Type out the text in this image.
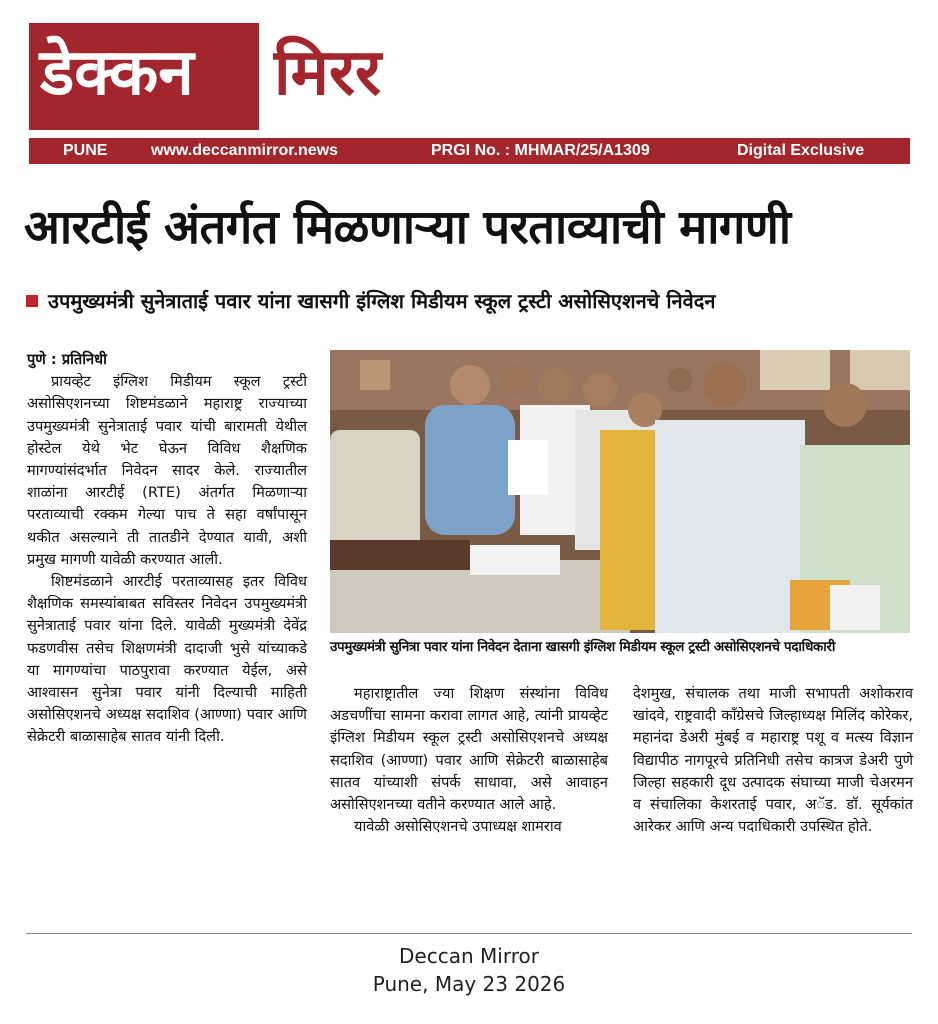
डेक्कन मिरर
PUNE	www.deccanmirror.news	PRGI No. : MHMAR/25/A1309	Digital Exclusive
आरटीई अंतर्गत मिळणाऱ्या परताव्याची मागणी
उपमुख्यमंत्री सुनेत्राताई पवार यांना खासगी इंग्लिश मिडीयम स्कूल ट्रस्टी असोसिएशनचे निवेदन

पुणे : प्रतिनिधी

प्रायव्हेट इंग्लिश मिडीयम स्कूल ट्रस्टी असोसिएशनच्या शिष्टमंडळाने महाराष्ट्र राज्याच्या उपमुख्यमंत्री सुनेत्राताई पवार यांची बारामती येथील होस्टेल येथे भेट घेऊन विविध शैक्षणिक मागण्यांसंदर्भात निवेदन सादर केले. राज्यातील शाळांना आरटीई (RTE) अंतर्गत मिळणाऱ्या परताव्याची रक्कम गेल्या पाच ते सहा वर्षांपासून थकीत असल्याने ती तातडीने देण्यात यावी, अशी प्रमुख मागणी यावेळी करण्यात आली.

शिष्टमंडळाने आरटीई परताव्यासह इतर विविध शैक्षणिक समस्यांबाबत सविस्तर निवेदन उपमुख्यमंत्री सुनेत्राताई पवार यांना दिले. यावेळी मुख्यमंत्री देवेंद्र फडणवीस तसेच शिक्षणमंत्री दादाजी भुसे यांच्याकडे या मागण्यांचा पाठपुरावा करण्यात येईल, असे आश्वासन सुनेत्रा पवार यांनी दिल्याची माहिती असोसिएशनचे अध्यक्ष सदाशिव (आण्णा) पवार आणि सेक्रेटरी बाळासाहेब सातव यांनी दिली.

उपमुख्यमंत्री सुनित्रा पवार यांना निवेदन देताना खासगी इंग्लिश मिडीयम स्कूल ट्रस्टी असोसिएशनचे पदाधिकारी

महाराष्ट्रातील ज्या शिक्षण संस्थांना विविध अडचणींचा सामना करावा लागत आहे, त्यांनी प्रायव्हेट इंग्लिश मिडीयम स्कूल ट्रस्टी असोसिएशनचे अध्यक्ष सदाशिव (आण्णा) पवार आणि सेक्रेटरी बाळासाहेब सातव यांच्याशी संपर्क साधावा, असे आवाहन असोसिएशनच्या वतीने करण्यात आले आहे.

यावेळी असोसिएशनचे उपाध्यक्ष शामराव

देशमुख, संचालक तथा माजी सभापती अशोकराव खांदवे, राष्ट्रवादी काँग्रेसचे जिल्हाध्यक्ष मिलिंद कोरेकर, महानंदा डेअरी मुंबई व महाराष्ट्र पशू व मत्स्य विज्ञान विद्यापीठ नागपूरचे प्रतिनिधी तसेच कात्रज डेअरी पुणे जिल्हा सहकारी दूध उत्पादक संघाच्या माजी चेअरमन व संचालिका केशरताई पवार, अॅड. डॉ. सूर्यकांत आरेकर आणि अन्य पदाधिकारी उपस्थित होते.

Deccan Mirror
Pune, May 23 2026
